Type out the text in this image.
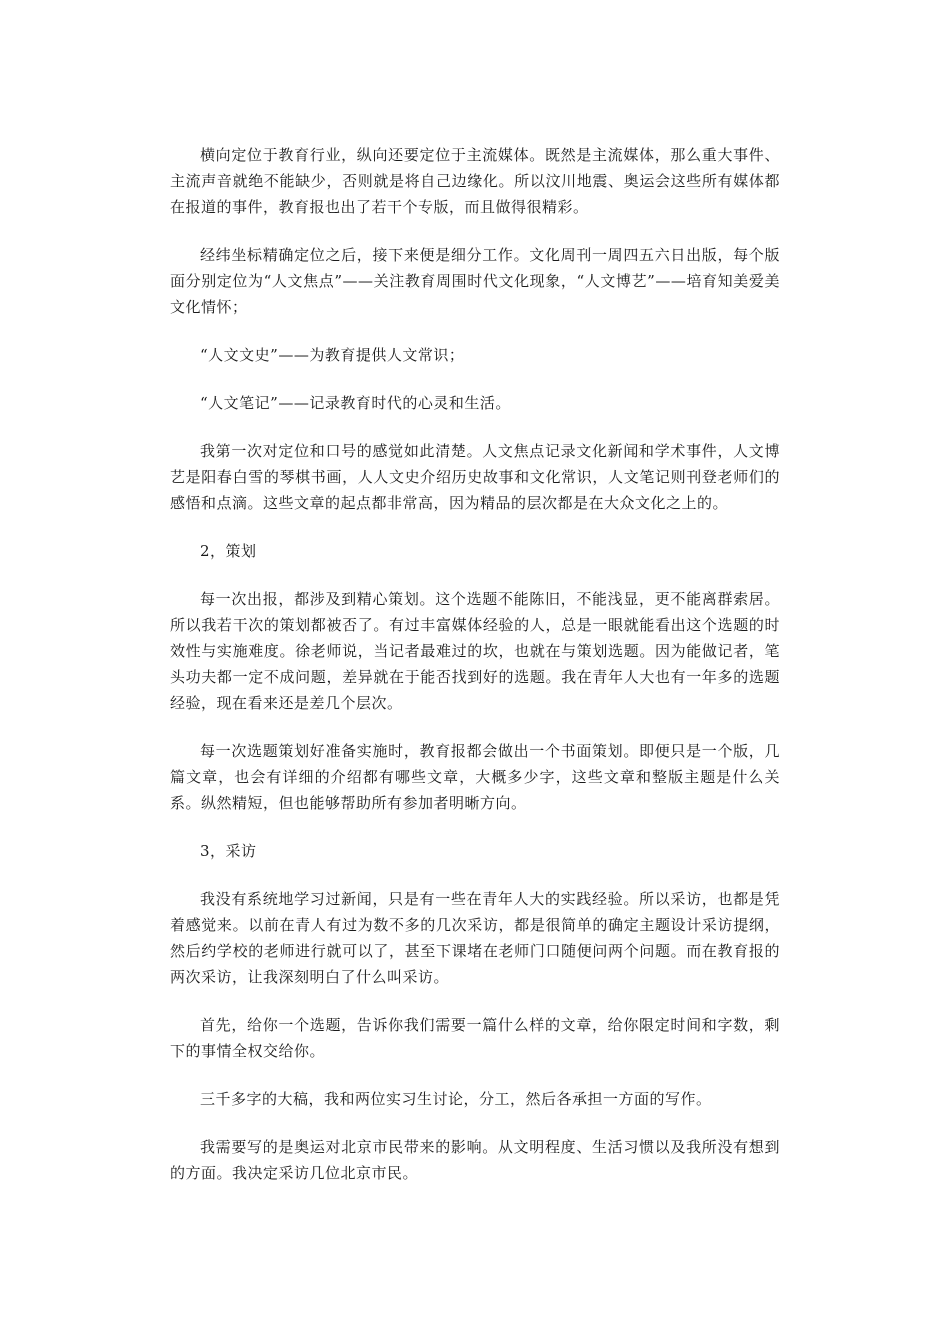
横向定位于教育行业，纵向还要定位于主流媒体。既然是主流媒体，那么重大事件、主流声音就绝不能缺少，否则就是将自己边缘化。所以汶川地震、奥运会这些所有媒体都在报道的事件，教育报也出了若干个专版，而且做得很精彩。

经纬坐标精确定位之后，接下来便是细分工作。文化周刊一周四五六日出版，每个版面分别定位为“人文焦点”——关注教育周围时代文化现象，“人文博艺”——培育知美爱美文化情怀；

“人文文史”——为教育提供人文常识；

“人文笔记”——记录教育时代的心灵和生活。

我第一次对定位和口号的感觉如此清楚。人文焦点记录文化新闻和学术事件，人文博艺是阳春白雪的琴棋书画，人人文史介绍历史故事和文化常识，人文笔记则刊登老师们的感悟和点滴。这些文章的起点都非常高，因为精品的层次都是在大众文化之上的。

2，策划

每一次出报，都涉及到精心策划。这个选题不能陈旧，不能浅显，更不能离群索居。所以我若干次的策划都被否了。有过丰富媒体经验的人，总是一眼就能看出这个选题的时效性与实施难度。徐老师说，当记者最难过的坎，也就在与策划选题。因为能做记者，笔头功夫都一定不成问题，差异就在于能否找到好的选题。我在青年人大也有一年多的选题经验，现在看来还是差几个层次。

每一次选题策划好准备实施时，教育报都会做出一个书面策划。即便只是一个版，几篇文章，也会有详细的介绍都有哪些文章，大概多少字，这些文章和整版主题是什么关系。纵然精短，但也能够帮助所有参加者明晰方向。

3，采访

我没有系统地学习过新闻，只是有一些在青年人大的实践经验。所以采访，也都是凭着感觉来。以前在青人有过为数不多的几次采访，都是很简单的确定主题设计采访提纲，然后约学校的老师进行就可以了，甚至下课堵在老师门口随便问两个问题。而在教育报的两次采访，让我深刻明白了什么叫采访。

首先，给你一个选题，告诉你我们需要一篇什么样的文章，给你限定时间和字数，剩下的事情全权交给你。

三千多字的大稿，我和两位实习生讨论，分工，然后各承担一方面的写作。

我需要写的是奥运对北京市民带来的影响。从文明程度、生活习惯以及我所没有想到的方面。我决定采访几位北京市民。
